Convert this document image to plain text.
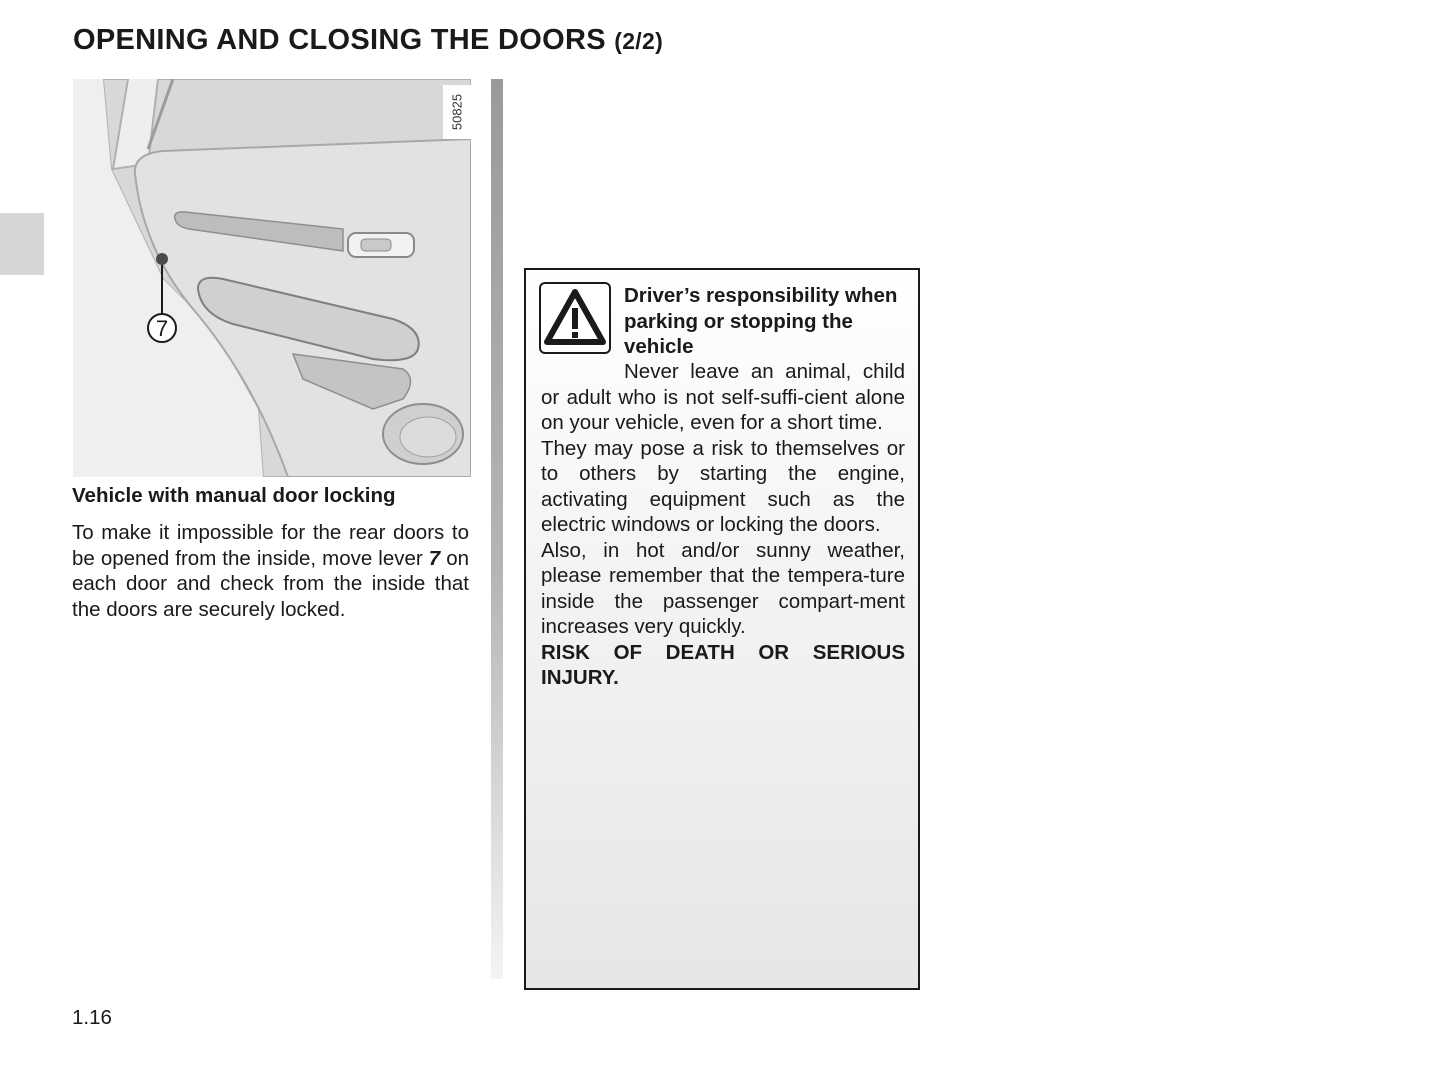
OPENING AND CLOSING THE DOORS (2/2)
7
50825
Vehicle with manual door locking
To make it impossible for the rear doors to be opened from the inside, move lever 7 on each door and check from the inside that the doors are securely locked.
Driver’s responsibility when parking or stopping the vehicle

Never leave an animal, child or adult who is not self-suffi-cient alone on your vehicle, even for a short time.

They may pose a risk to themselves or to others by starting the engine, activating equipment such as the electric windows or locking the doors.

Also, in hot and/or sunny weather, please remember that the tempera-ture inside the passenger compart-ment increases very quickly.

RISK OF DEATH OR SERIOUS INJURY.

1.16
